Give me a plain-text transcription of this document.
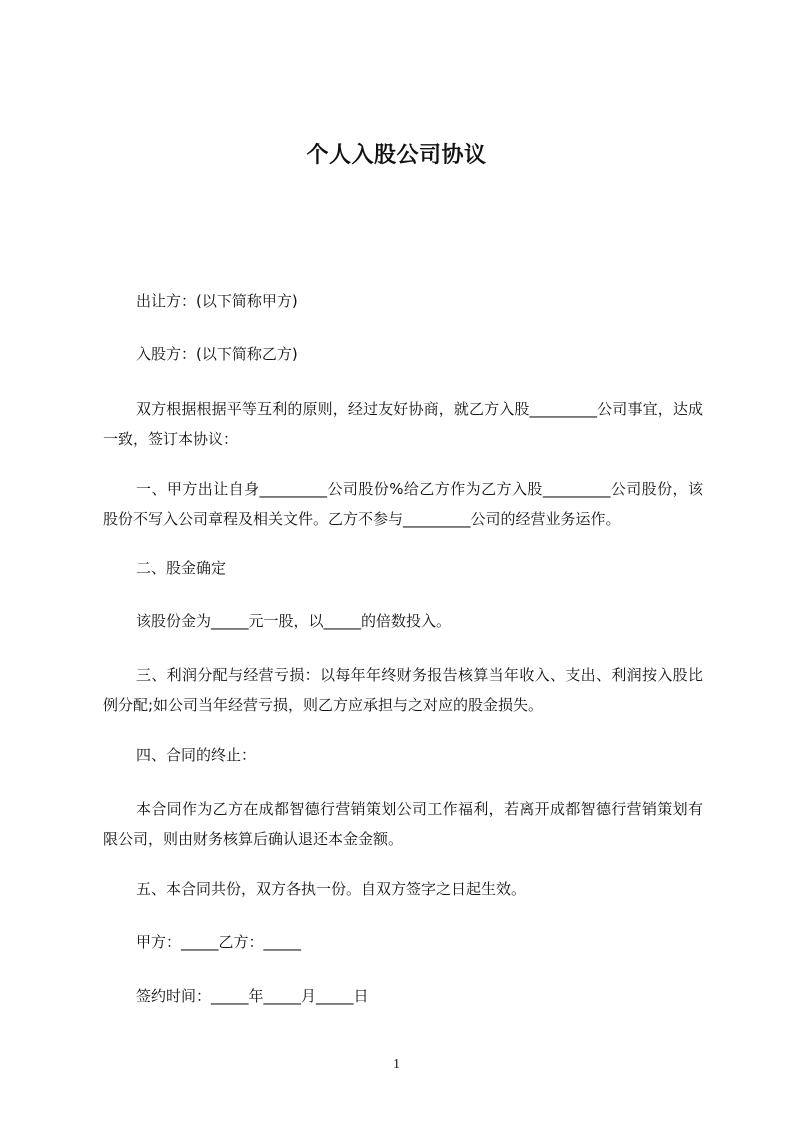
个人入股公司协议

出让方：(以下简称甲方)

入股方：(以下简称乙方)

双方根据根据平等互利的原则，经过友好协商，就乙方入股_________公司事宜，达成一致，签订本协议：

一、甲方出让自身_________公司股份%给乙方作为乙方入股_________公司股份，该股份不写入公司章程及相关文件。乙方不参与_________公司的经营业务运作。

二、股金确定

该股份金为_____元一股，以_____的倍数投入。

三、利润分配与经营亏损：以每年年终财务报告核算当年收入、支出、利润按入股比例分配;如公司当年经营亏损，则乙方应承担与之对应的股金损失。

四、合同的终止：

本合同作为乙方在成都智德行营销策划公司工作福利，若离开成都智德行营销策划有限公司，则由财务核算后确认退还本金金额。

五、本合同共份，双方各执一份。自双方签字之日起生效。

甲方：_____乙方：_____

签约时间：_____年_____月_____日

1
